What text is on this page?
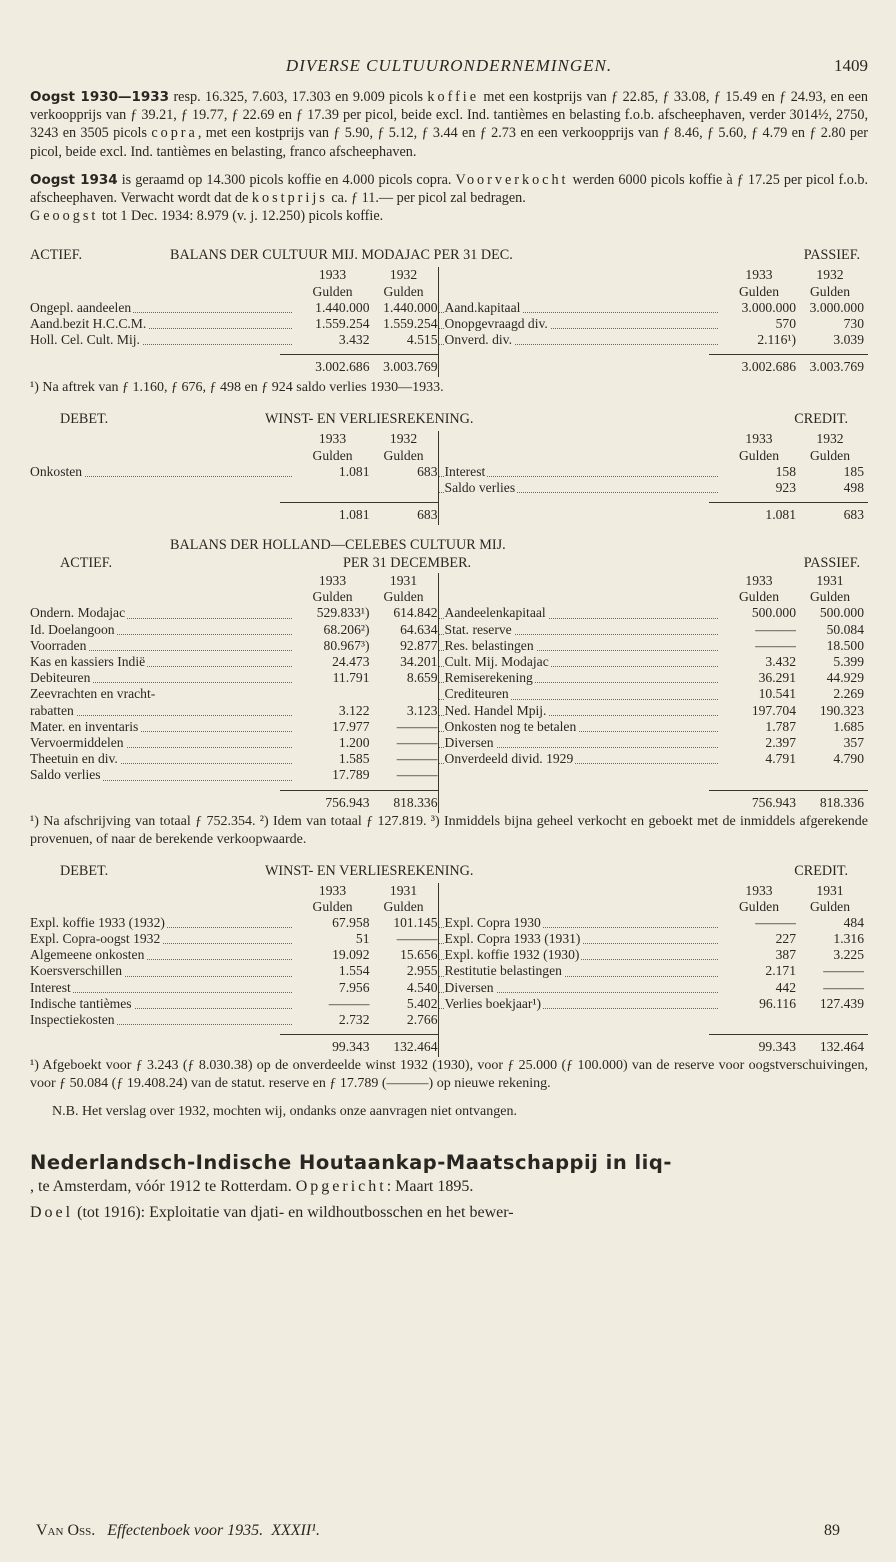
DIVERSE CULTUURONDERNEMINGEN.	1409

Oogst 1930—1933 resp. 16.325, 7.603, 17.303 en 9.009 picols koffie met een kostprijs van ƒ 22.85, ƒ 33.08, ƒ 15.49 en ƒ 24.93, en een verkoopprijs van ƒ 39.21, ƒ 19.77, ƒ 22.69 en ƒ 17.39 per picol, beide excl. Ind. tantièmes en belasting f.o.b. afscheephaven, verder 3014½, 2750, 3243 en 3505 picols copra, met een kostprijs van ƒ 5.90, ƒ 5.12, ƒ 3.44 en ƒ 2.73 en een verkoopprijs van ƒ 8.46, ƒ 5.60, ƒ 4.79 en ƒ 2.80 per picol, beide excl. Ind. tantièmes en belasting, franco afscheephaven.

Oogst 1934 is geraamd op 14.300 picols koffie en 4.000 picols copra. Voorverkocht werden 6000 picols koffie à ƒ 17.25 per picol f.o.b. afscheephaven. Verwacht wordt dat de kostprijs ca. ƒ 11.— per picol zal bedragen.

Geoogst tot 1 Dec. 1934: 8.979 (v. j. 12.250) picols koffie.

ACTIEF.	BALANS DER CULTUUR MIJ. MODAJAC PER 31 DEC.	PASSIEF.
1933	1932
Gulden	Gulden
Ongepl. aandeelen	1.440.000	1.440.000
Aand.bezit H.C.C.M.	1.559.254	1.559.254
Holl. Cel. Cult. Mij.	3.432	4.515
3.002.686	3.003.769
1933	1932
Gulden	Gulden
Aand.kapitaal	3.000.000	3.000.000
Onopgevraagd div.	570	730
Onverd. div.	2.116¹)	3.039
3.002.686	3.003.769

¹) Na aftrek van ƒ 1.160, ƒ 676, ƒ 498 en ƒ 924 saldo verlies 1930—1933.

DEBET.	WINST- EN VERLIESREKENING.	CREDIT.
1933	1932
Gulden	Gulden
Onkosten	1.081	683
1.081	683
1933	1932
Gulden	Gulden
Interest	158	185
Saldo verlies	923	498
1.081	683
BALANS DER HOLLAND—CELEBES CULTUUR MIJ.
ACTIEF.	PER 31 DECEMBER.	PASSIEF.
1933	1931
Gulden	Gulden
Ondern. Modajac	529.833¹)	614.842
Id. Doelangoon	68.206²)	64.634
Voorraden	80.967³)	92.877
Kas en kassiers Indië	24.473	34.201
Debiteuren	11.791	8.659
Zeevrachten en vracht-
rabatten	3.122	3.123
Mater. en inventaris	17.977	———
Vervoermiddelen	1.200	———
Theetuin en div.	1.585	———
Saldo verlies	17.789	———
756.943	818.336
1933	1931
Gulden	Gulden
Aandeelenkapitaal	500.000	500.000
Stat. reserve	———	50.084
Res. belastingen	———	18.500
Cult. Mij. Modajac	3.432	5.399
Remiserekening	36.291	44.929
Crediteuren	10.541	2.269
Ned. Handel Mpij.	197.704	190.323
Onkosten nog te betalen	1.787	1.685
Diversen	2.397	357
Onverdeeld divid. 1929	4.791	4.790
756.943	818.336

¹) Na afschrijving van totaal ƒ 752.354. ²) Idem van totaal ƒ 127.819. ³) Inmiddels bijna geheel verkocht en geboekt met de inmiddels afgerekende provenuen, of naar de berekende verkoopwaarde.

DEBET.	WINST- EN VERLIESREKENING.	CREDIT.
1933	1931
Gulden	Gulden
Expl. koffie 1933 (1932)	67.958	101.145
Expl. Copra-oogst 1932	51	———
Algemeene onkosten	19.092	15.656
Koersverschillen	1.554	2.955
Interest	7.956	4.540
Indische tantièmes	———	5.402
Inspectiekosten	2.732	2.766
99.343	132.464
1933	1931
Gulden	Gulden
Expl. Copra 1930	———	484
Expl. Copra 1933 (1931)	227	1.316
Expl. koffie 1932 (1930)	387	3.225
Restitutie belastingen	2.171	———
Diversen	442	———
Verlies boekjaar¹)	96.116	127.439
99.343	132.464

¹) Afgeboekt voor ƒ 3.243 (ƒ 8.030.38) op de onverdeelde winst 1932 (1930), voor ƒ 25.000 (ƒ 100.000) van de reserve voor oogstverschuivingen, voor ƒ 50.084 (ƒ 19.408.24) van de statut. reserve en ƒ 17.789 (———) op nieuwe rekening.

N.B. Het verslag over 1932, mochten wij, ondanks onze aanvragen niet ontvangen.

Nederlandsch-Indische Houtaankap-Maatschappij in liq-

, te Amsterdam, vóór 1912 te Rotterdam. Opgericht: Maart 1895.
Doel (tot 1916): Exploitatie van djati- en wildhoutbosschen en het bewer-

Van Oss. Effectenboek voor 1935. XXXII¹.	89
